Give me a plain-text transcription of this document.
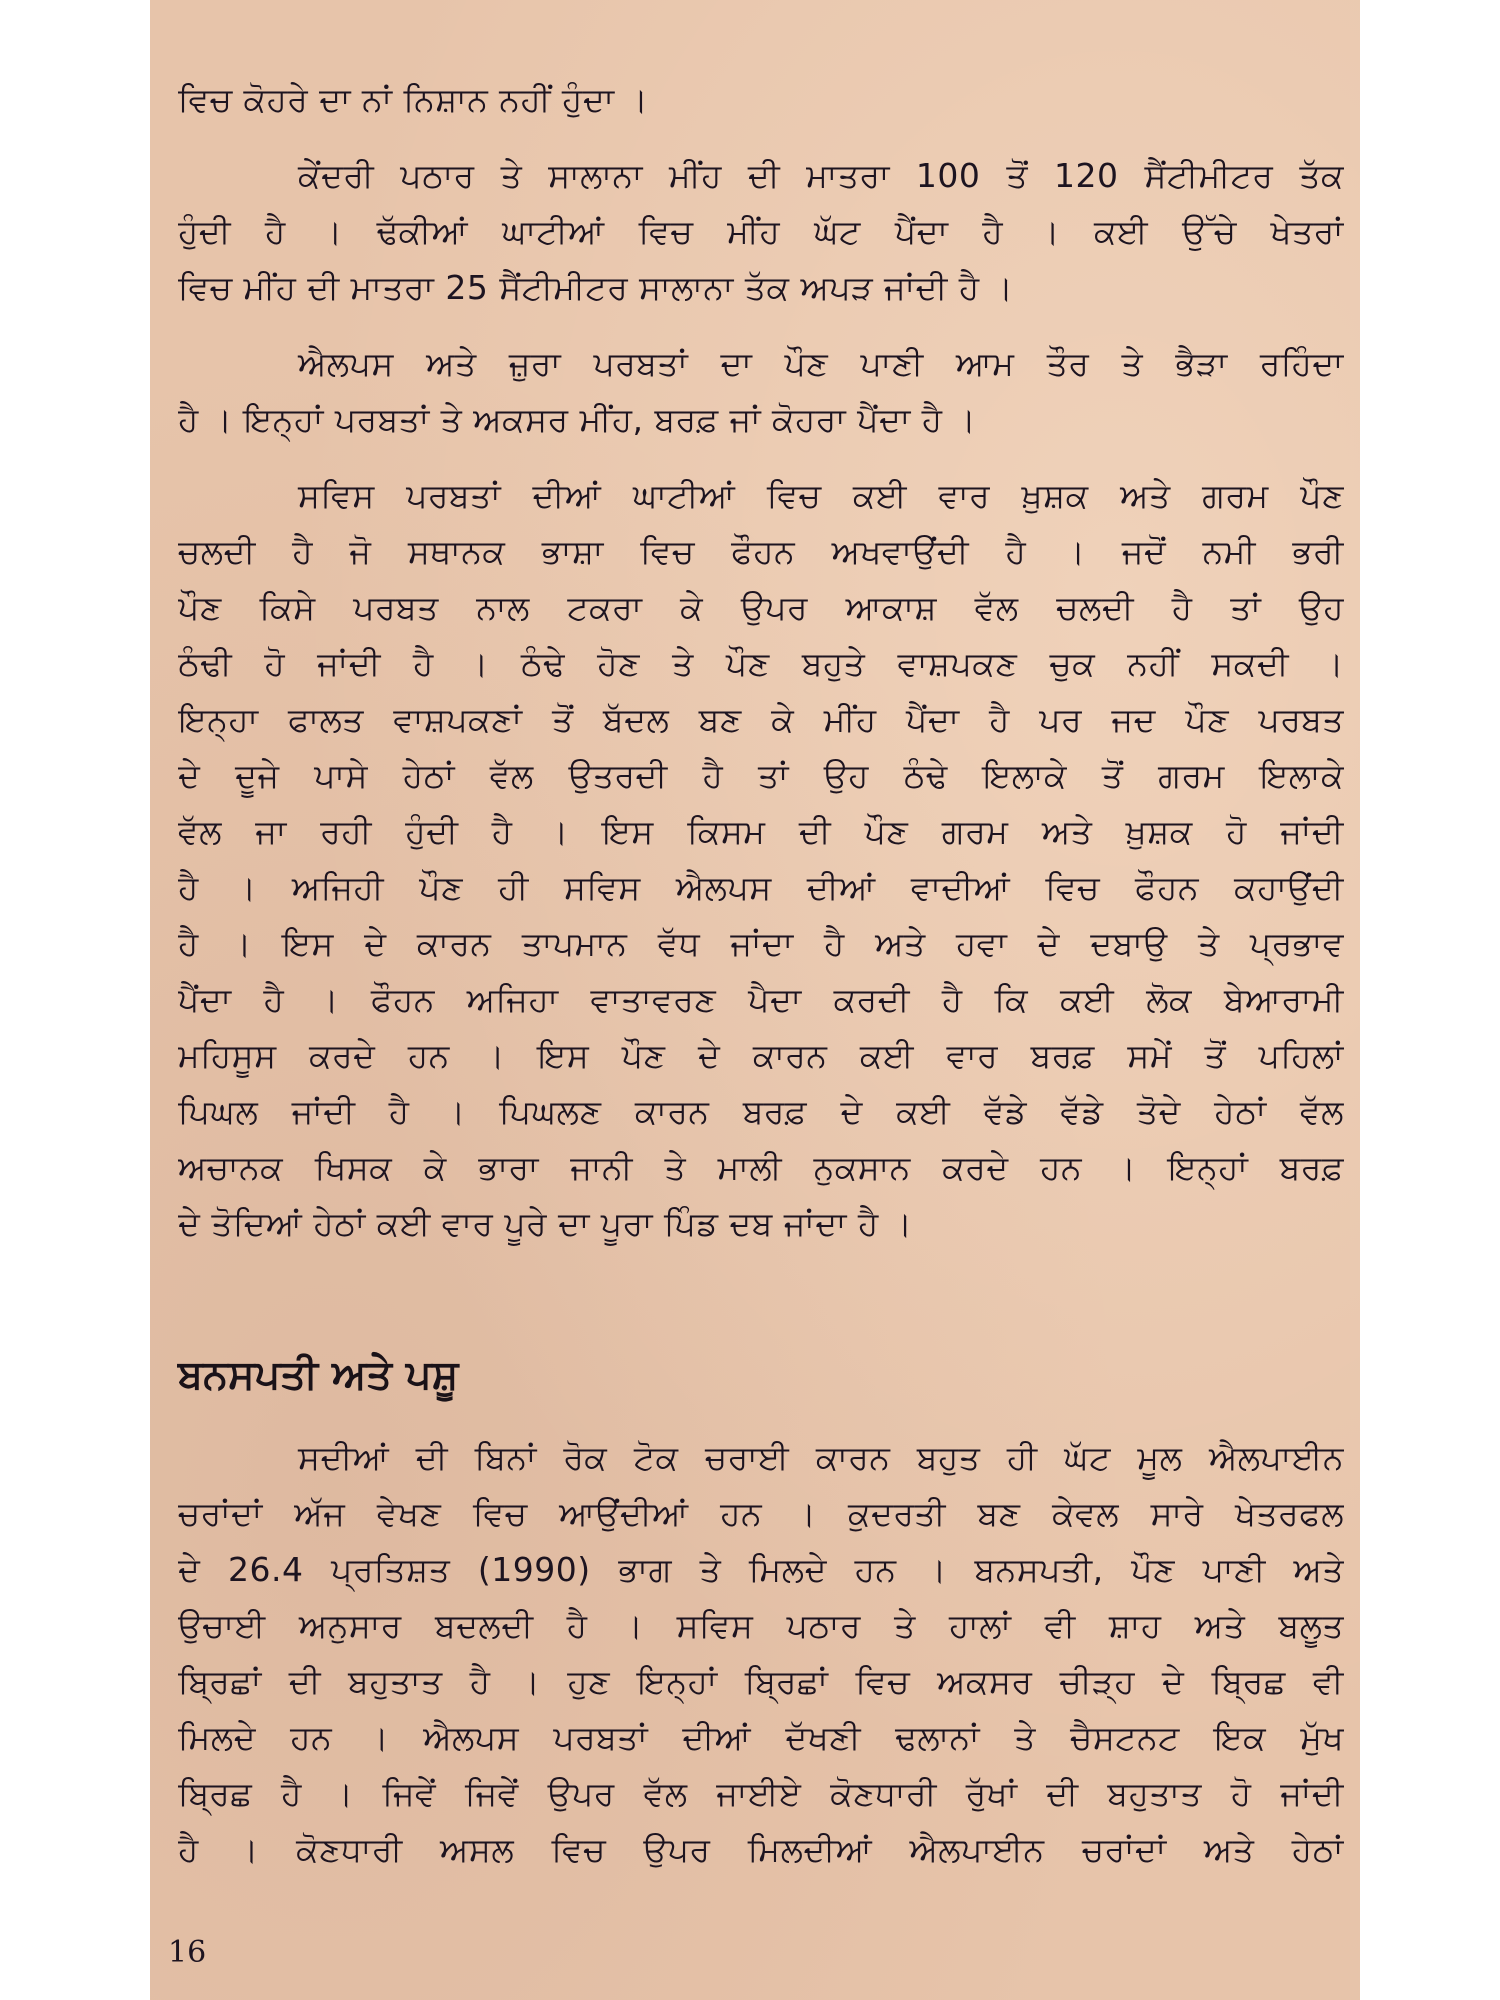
ਵਿਚ ਕੋਹਰੇ ਦਾ ਨਾਂ ਨਿਸ਼ਾਨ ਨਹੀਂ ਹੁੰਦਾ ।
ਕੇਂਦਰੀ ਪਠਾਰ ਤੇ ਸਾਲਾਨਾ ਮੀਂਹ ਦੀ ਮਾਤਰਾ 100 ਤੋਂ 120 ਸੈਂਟੀਮੀਟਰ ਤੱਕ
ਹੁੰਦੀ ਹੈ । ਢੱਕੀਆਂ ਘਾਟੀਆਂ ਵਿਚ ਮੀਂਹ ਘੱਟ ਪੈਂਦਾ ਹੈ । ਕਈ ਉੱਚੇ ਖੇਤਰਾਂ
ਵਿਚ ਮੀਂਹ ਦੀ ਮਾਤਰਾ 25 ਸੈਂਟੀਮੀਟਰ ਸਾਲਾਨਾ ਤੱਕ ਅਪੜ ਜਾਂਦੀ ਹੈ ।
ਐਲਪਸ ਅਤੇ ਜ਼ੁਰਾ ਪਰਬਤਾਂ ਦਾ ਪੌਣ ਪਾਣੀ ਆਮ ਤੌਰ ਤੇ ਭੈੜਾ ਰਹਿੰਦਾ
ਹੈ । ਇਨ੍ਹਾਂ ਪਰਬਤਾਂ ਤੇ ਅਕਸਰ ਮੀਂਹ, ਬਰਫ਼ ਜਾਂ ਕੋਹਰਾ ਪੈਂਦਾ ਹੈ ।
ਸਵਿਸ ਪਰਬਤਾਂ ਦੀਆਂ ਘਾਟੀਆਂ ਵਿਚ ਕਈ ਵਾਰ ਖ਼ੁਸ਼ਕ ਅਤੇ ਗਰਮ ਪੌਣ
ਚਲਦੀ ਹੈ ਜੋ ਸਥਾਨਕ ਭਾਸ਼ਾ ਵਿਚ ਫੌਹਨ ਅਖਵਾਉਂਦੀ ਹੈ । ਜਦੋਂ ਨਮੀ ਭਰੀ
ਪੌਣ ਕਿਸੇ ਪਰਬਤ ਨਾਲ ਟਕਰਾ ਕੇ ਉਪਰ ਆਕਾਸ਼ ਵੱਲ ਚਲਦੀ ਹੈ ਤਾਂ ਉਹ
ਠੰਢੀ ਹੋ ਜਾਂਦੀ ਹੈ । ਠੰਢੇ ਹੋਣ ਤੇ ਪੌਣ ਬਹੁਤੇ ਵਾਸ਼ਪਕਣ ਚੁਕ ਨਹੀਂ ਸਕਦੀ ।
ਇਨ੍ਹਾ ਫਾਲਤ ਵਾਸ਼ਪਕਣਾਂ ਤੋਂ ਬੱਦਲ ਬਣ ਕੇ ਮੀਂਹ ਪੈਂਦਾ ਹੈ ਪਰ ਜਦ ਪੌਣ ਪਰਬਤ
ਦੇ ਦੂਜੇ ਪਾਸੇ ਹੇਠਾਂ ਵੱਲ ਉਤਰਦੀ ਹੈ ਤਾਂ ਉਹ ਠੰਢੇ ਇਲਾਕੇ ਤੋਂ ਗਰਮ ਇਲਾਕੇ
ਵੱਲ ਜਾ ਰਹੀ ਹੁੰਦੀ ਹੈ । ਇਸ ਕਿਸਮ ਦੀ ਪੌਣ ਗਰਮ ਅਤੇ ਖ਼ੁਸ਼ਕ ਹੋ ਜਾਂਦੀ
ਹੈ । ਅਜਿਹੀ ਪੌਣ ਹੀ ਸਵਿਸ ਐਲਪਸ ਦੀਆਂ ਵਾਦੀਆਂ ਵਿਚ ਫੌਹਨ ਕਹਾਉਂਦੀ
ਹੈ । ਇਸ ਦੇ ਕਾਰਨ ਤਾਪਮਾਨ ਵੱਧ ਜਾਂਦਾ ਹੈ ਅਤੇ ਹਵਾ ਦੇ ਦਬਾਉ ਤੇ ਪ੍ਰਭਾਵ
ਪੈਂਦਾ ਹੈ । ਫੌਹਨ ਅਜਿਹਾ ਵਾਤਾਵਰਣ ਪੈਦਾ ਕਰਦੀ ਹੈ ਕਿ ਕਈ ਲੋਕ ਬੇਆਰਾਮੀ
ਮਹਿਸੂਸ ਕਰਦੇ ਹਨ । ਇਸ ਪੌਣ ਦੇ ਕਾਰਨ ਕਈ ਵਾਰ ਬਰਫ਼ ਸਮੇਂ ਤੋਂ ਪਹਿਲਾਂ
ਪਿਘਲ ਜਾਂਦੀ ਹੈ । ਪਿਘਲਣ ਕਾਰਨ ਬਰਫ਼ ਦੇ ਕਈ ਵੱਡੇ ਵੱਡੇ ਤੋਦੇ ਹੇਠਾਂ ਵੱਲ
ਅਚਾਨਕ ਖਿਸਕ ਕੇ ਭਾਰਾ ਜਾਨੀ ਤੇ ਮਾਲੀ ਨੁਕਸਾਨ ਕਰਦੇ ਹਨ । ਇਨ੍ਹਾਂ ਬਰਫ਼
ਦੇ ਤੋਦਿਆਂ ਹੇਠਾਂ ਕਈ ਵਾਰ ਪੂਰੇ ਦਾ ਪੂਰਾ ਪਿੰਡ ਦਬ ਜਾਂਦਾ ਹੈ ।
ਬਨਸਪਤੀ ਅਤੇ ਪਸ਼ੂ
ਸਦੀਆਂ ਦੀ ਬਿਨਾਂ ਰੋਕ ਟੋਕ ਚਰਾਈ ਕਾਰਨ ਬਹੁਤ ਹੀ ਘੱਟ ਮੂਲ ਐਲਪਾਈਨ
ਚਰਾਂਦਾਂ ਅੱਜ ਵੇਖਣ ਵਿਚ ਆਉਂਦੀਆਂ ਹਨ । ਕੁਦਰਤੀ ਬਣ ਕੇਵਲ ਸਾਰੇ ਖੇਤਰਫਲ
ਦੇ 26.4 ਪ੍ਰਤਿਸ਼ਤ (1990) ਭਾਗ ਤੇ ਮਿਲਦੇ ਹਨ । ਬਨਸਪਤੀ, ਪੌਣ ਪਾਣੀ ਅਤੇ
ਉਚਾਈ ਅਨੁਸਾਰ ਬਦਲਦੀ ਹੈ । ਸਵਿਸ ਪਠਾਰ ਤੇ ਹਾਲਾਂ ਵੀ ਸ਼ਾਹ ਅਤੇ ਬਲੂਤ
ਬ੍ਰਿਛਾਂ ਦੀ ਬਹੁਤਾਤ ਹੈ । ਹੁਣ ਇਨ੍ਹਾਂ ਬ੍ਰਿਛਾਂ ਵਿਚ ਅਕਸਰ ਚੀੜ੍ਹ ਦੇ ਬ੍ਰਿਛ ਵੀ
ਮਿਲਦੇ ਹਨ । ਐਲਪਸ ਪਰਬਤਾਂ ਦੀਆਂ ਦੱਖਣੀ ਢਲਾਨਾਂ ਤੇ ਚੈਸਟਨਟ ਇਕ ਮੁੱਖ
ਬ੍ਰਿਛ ਹੈ । ਜਿਵੇਂ ਜਿਵੇਂ ਉਪਰ ਵੱਲ ਜਾਈਏ ਕੋਣਧਾਰੀ ਰੁੱਖਾਂ ਦੀ ਬਹੁਤਾਤ ਹੋ ਜਾਂਦੀ
ਹੈ । ਕੋਣਧਾਰੀ ਅਸਲ ਵਿਚ ਉਪਰ ਮਿਲਦੀਆਂ ਐਲਪਾਈਨ ਚਰਾਂਦਾਂ ਅਤੇ ਹੇਠਾਂ
16
